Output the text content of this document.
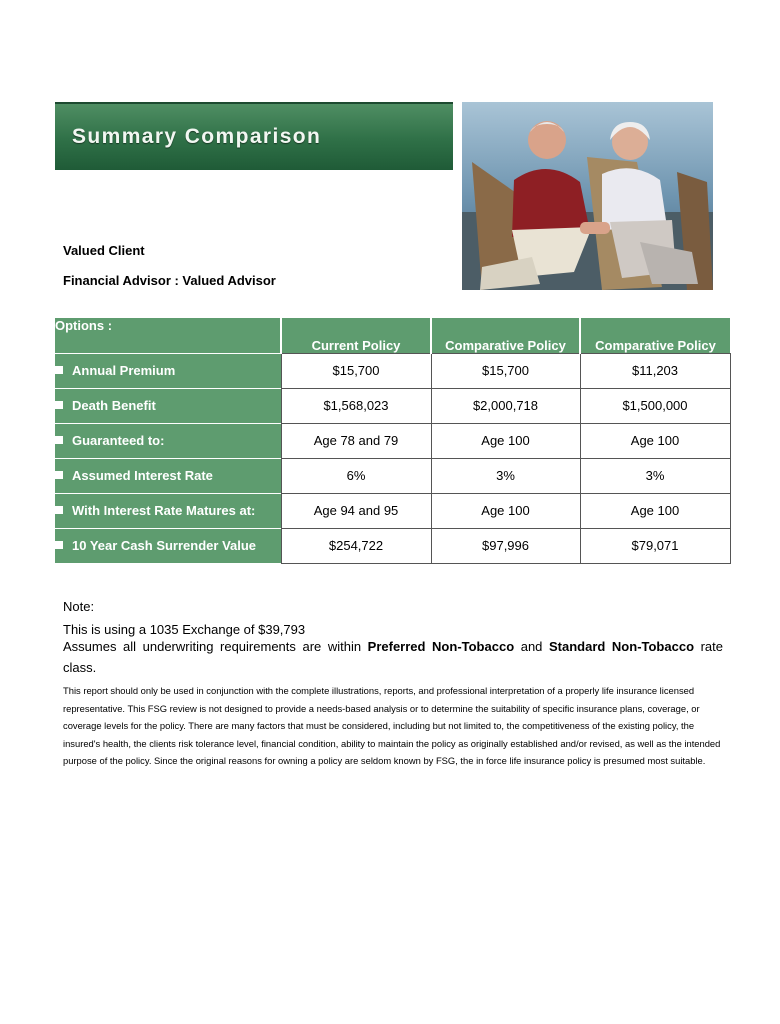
Summary Comparison
Valued Client
Financial Advisor : Valued Advisor
Options :	Current Policy	Comparative Policy	Comparative Policy
Annual Premium	$15,700	$15,700	$11,203
Death Benefit	$1,568,023	$2,000,718	$1,500,000
Guaranteed to:	Age 78 and 79	Age 100	Age 100
Assumed Interest Rate	6%	3%	3%
With Interest Rate Matures at:	Age 94 and 95	Age 100	Age 100
10 Year Cash Surrender Value	$254,722	$97,996	$79,071
Note:
This is using a 1035 Exchange of $39,793
Assumes all underwriting requirements are within Preferred Non-Tobacco and Standard Non-Tobacco rate class.
This report should only be used in conjunction with the complete illustrations, reports, and professional interpretation of a properly life insurance licensed representative. This FSG review is not designed to provide a needs-based analysis or to determine the suitability of specific insurance plans, coverage, or coverage levels for the policy. There are many factors that must be considered, including but not limited to, the competitiveness of the existing policy, the insured's health, the clients risk tolerance level, financial condition, ability to maintain the policy as originally established and/or revised, as well as the intended purpose of the policy. Since the original reasons for owning a policy are seldom known by FSG, the in force life insurance policy is presumed most suitable.
